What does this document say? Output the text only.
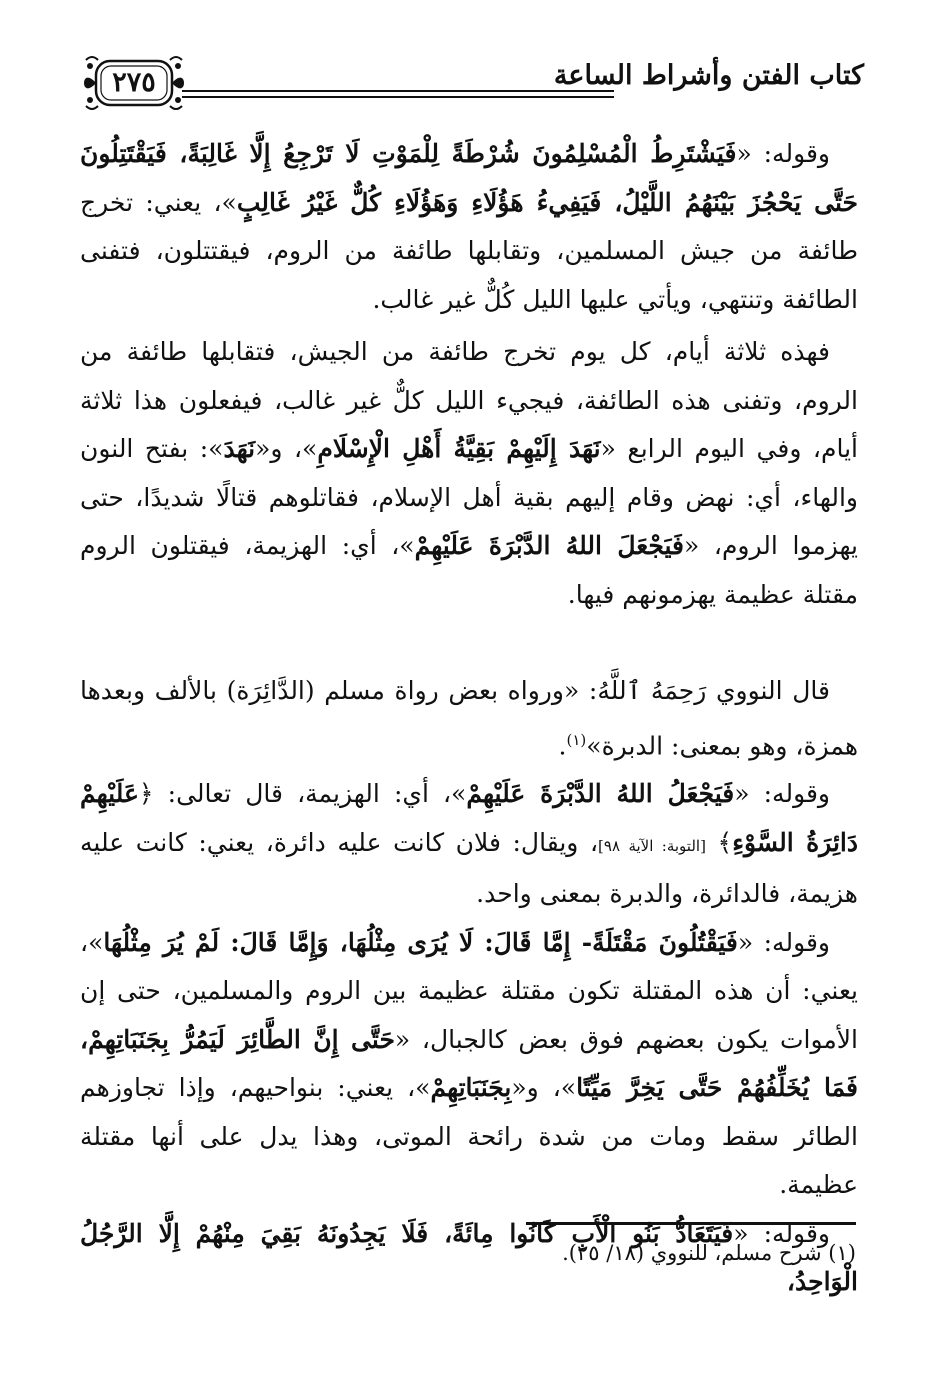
كتاب الفتن وأشراط الساعة
٢٧٥

وقوله: «فَيَشْتَرِطُ الْمُسْلِمُونَ شُرْطَةً لِلْمَوْتِ لَا تَرْجِعُ إِلَّا غَالِبَةً، فَيَقْتَتِلُونَ حَتَّى يَحْجُزَ بَيْنَهُمُ اللَّيْلُ، فَيَفِيءُ هَؤُلَاءِ وَهَؤُلَاءِ كُلٌّ غَيْرُ غَالِبٍ»، يعني: تخرج طائفة من جيش المسلمين، وتقابلها طائفة من الروم، فيقتتلون، فتفنى الطائفة وتنتهي، ويأتي عليها الليل كُلٌّ غير غالب.

فهذه ثلاثة أيام، كل يوم تخرج طائفة من الجيش، فتقابلها طائفة من الروم، وتفنى هذه الطائفة، فيجيء الليل كلٌّ غير غالب، فيفعلون هذا ثلاثة أيام، وفي اليوم الرابع «نَهَدَ إِلَيْهِمْ بَقِيَّةُ أَهْلِ الْإِسْلَامِ»، و«نَهَدَ»: بفتح النون والهاء، أي: نهض وقام إليهم بقية أهل الإسلام، فقاتلوهم قتالًا شديدًا، حتى يهزموا الروم، «فَيَجْعَلَ اللهُ الدَّبْرَةَ عَلَيْهِمْ»، أي: الهزيمة، فيقتلون الروم مقتلة عظيمة يهزمونهم فيها.

قال النووي رَحِمَهُ ٱللَّهُ: «ورواه بعض رواة مسلم (الدَّائِرَة) بالألف وبعدها همزة، وهو بمعنى: الدبرة»$^{(١)}$.

وقوله: «فَيَجْعَلُ اللهُ الدَّبْرَةَ عَلَيْهِمْ»، أي: الهزيمة، قال تعالى: ﴿عَلَيْهِمْ دَائِرَةُ السَّوْءِ﴾ [التوبة: الآية ٩٨]، ويقال: فلان كانت عليه دائرة، يعني: كانت عليه هزيمة، فالدائرة، والدبرة بمعنى واحد.

وقوله: «فَيَقْتُلُونَ مَقْتَلَةً- إِمَّا قَالَ: لَا يُرَى مِثْلُهَا، وَإِمَّا قَالَ: لَمْ يُرَ مِثْلُهَا»، يعني: أن هذه المقتلة تكون مقتلة عظيمة بين الروم والمسلمين، حتى إن الأموات يكون بعضهم فوق بعض كالجبال، «حَتَّى إِنَّ الطَّائِرَ لَيَمُرُّ بِجَنَبَاتِهِمْ، فَمَا يُخَلِّفُهُمْ حَتَّى يَخِرَّ مَيِّتًا»، و«بِجَنَبَاتِهِمْ»، يعني: بنواحيهم، وإذا تجاوزهم الطائر سقط ومات من شدة رائحة الموتى، وهذا يدل على أنها مقتلة عظيمة.

وقوله: «فَيَتَعَادُّ بَنُو الْأَبِ كَانُوا مِائَةً، فَلَا يَجِدُونَهُ بَقِيَ مِنْهُمْ إِلَّا الرَّجُلُ الْوَاحِدُ،

(١) شرح مسلم، للنووي (١٨/ ٢٥).
